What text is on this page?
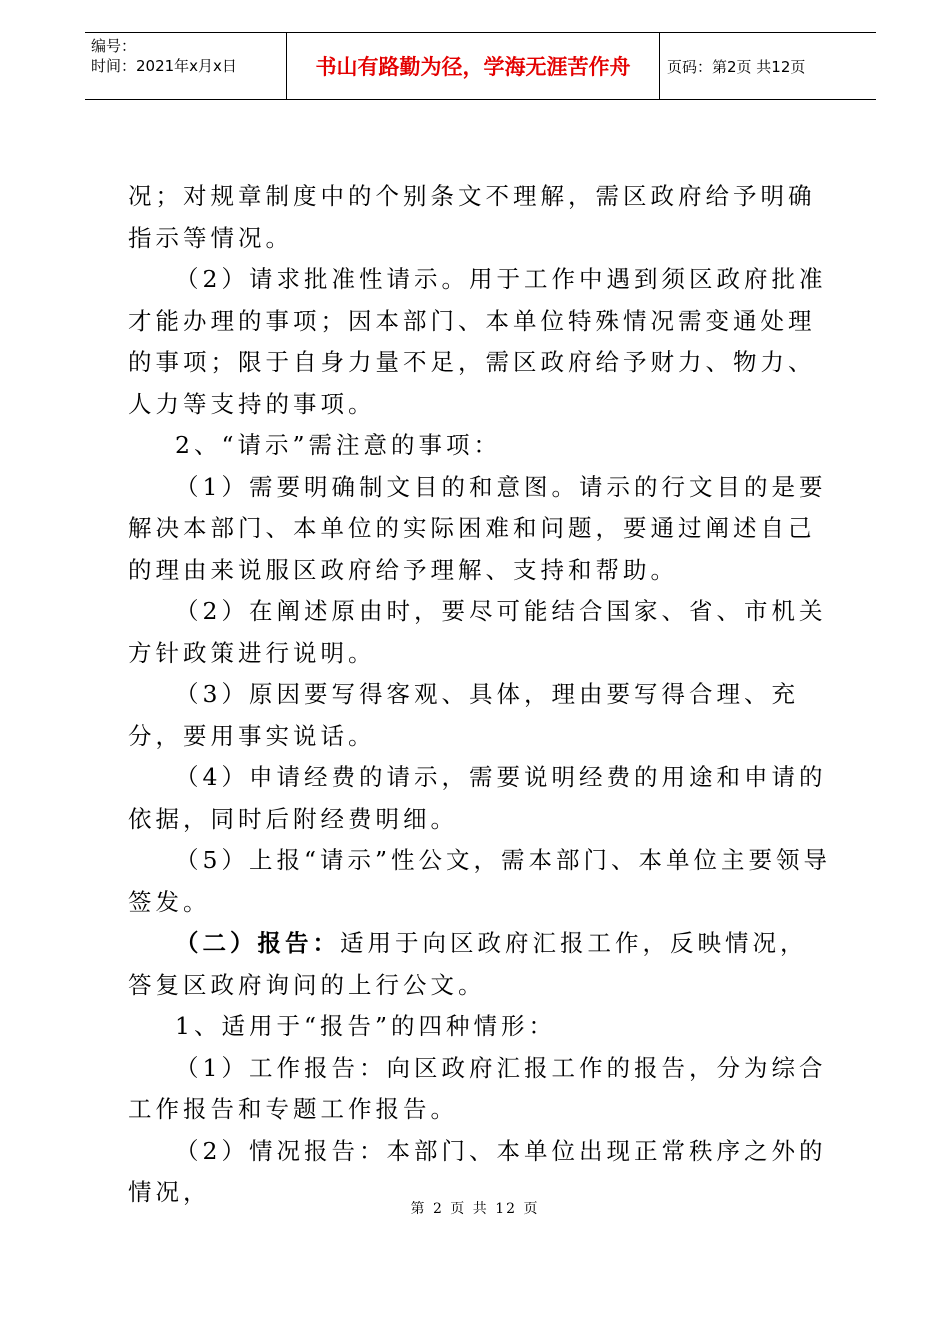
编号：
时间：2021年x月x日	书山有路勤为径，学海无涯苦作舟	页码：第2页 共12页

况；对规章制度中的个别条文不理解，需区政府给予明确指示等情况。

（2）请求批准性请示。用于工作中遇到须区政府批准才能办理的事项；因本部门、本单位特殊情况需变通处理的事项；限于自身力量不足，需区政府给予财力、物力、人力等支持的事项。

2、“请示”需注意的事项：

（1）需要明确制文目的和意图。请示的行文目的是要解决本部门、本单位的实际困难和问题，要通过阐述自己的理由来说服区政府给予理解、支持和帮助。

（2）在阐述原由时，要尽可能结合国家、省、市机关方针政策进行说明。

（3）原因要写得客观、具体，理由要写得合理、充分，要用事实说话。

（4）申请经费的请示，需要说明经费的用途和申请的依据，同时后附经费明细。

（5）上报“请示”性公文，需本部门、本单位主要领导签发。

（二）报告：适用于向区政府汇报工作，反映情况，答复区政府询问的上行公文。

1、适用于“报告”的四种情形：

（1）工作报告：向区政府汇报工作的报告，分为综合工作报告和专题工作报告。

（2）情况报告：本部门、本单位出现正常秩序之外的情况，

第 2 页 共 12 页
